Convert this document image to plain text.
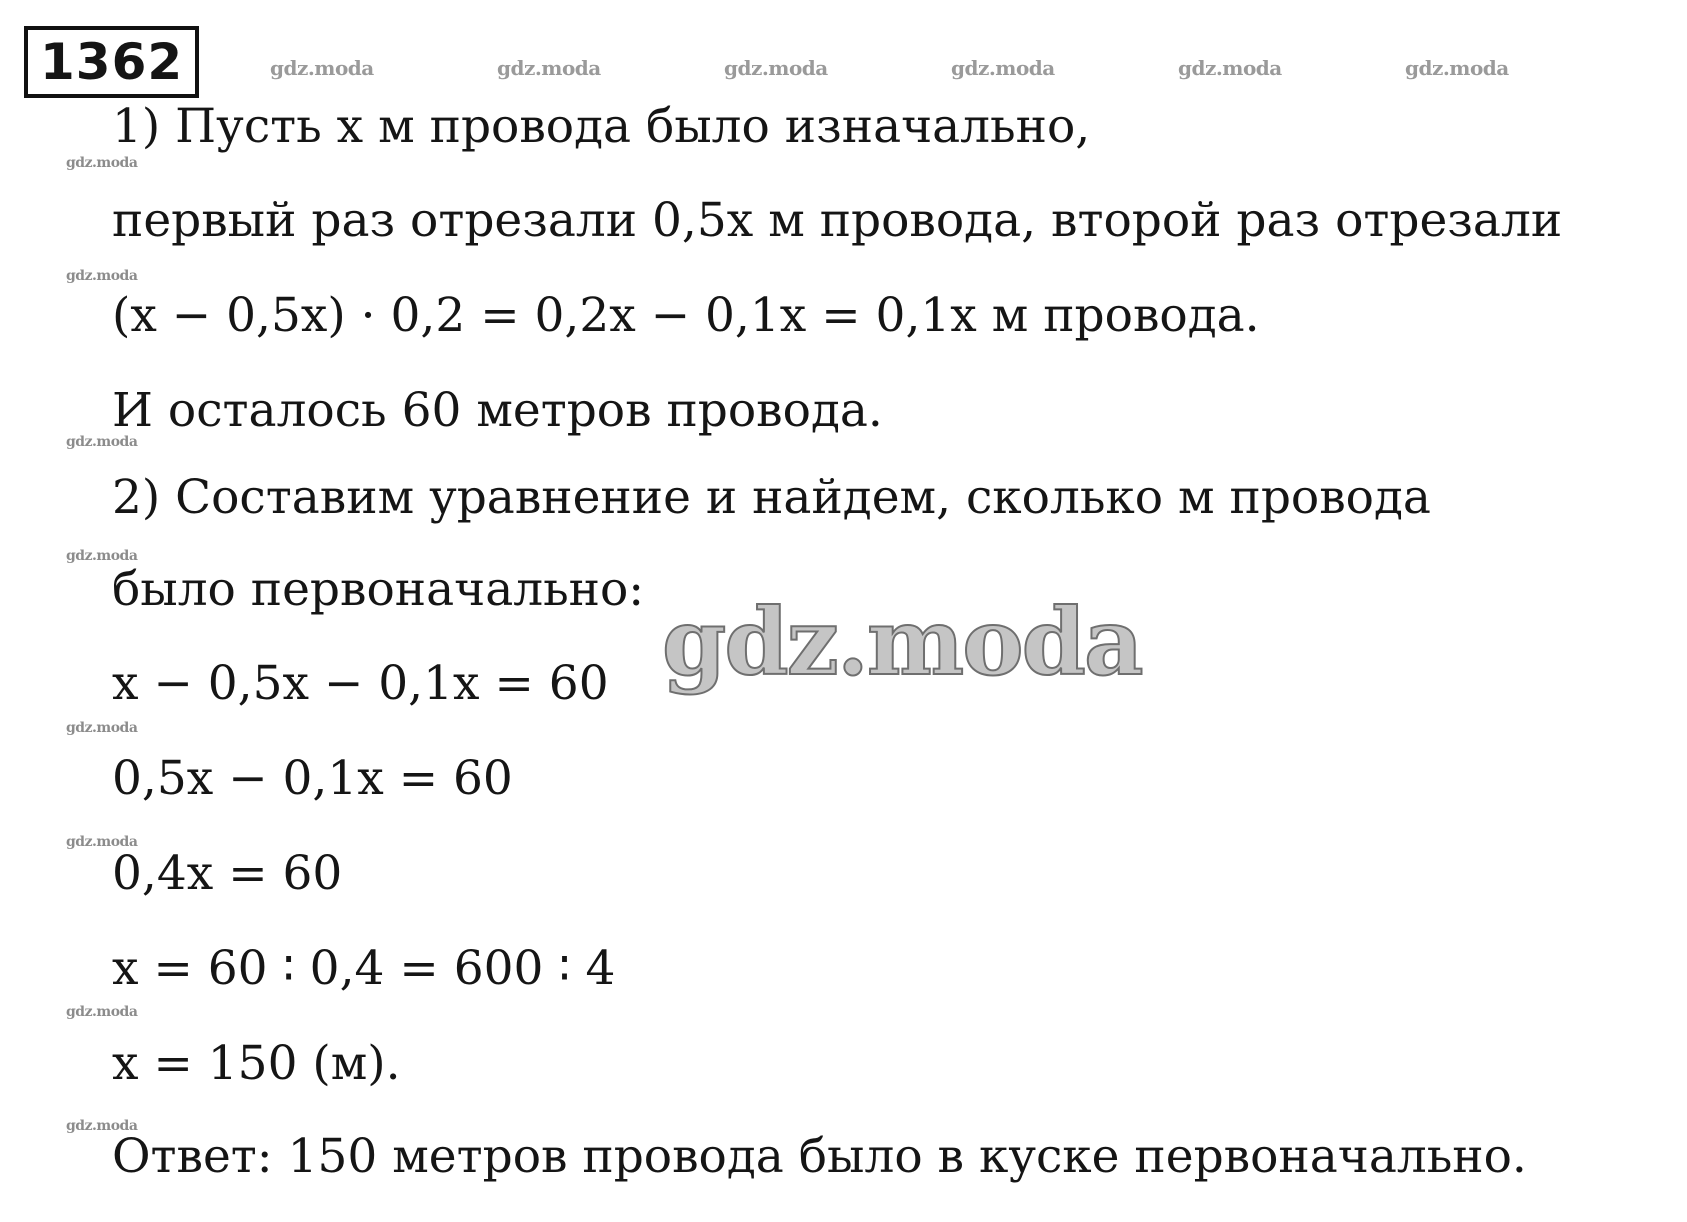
1362	gdz.moda	gdz.moda	gdz.moda	gdz.moda	gdz.moda	gdz.moda
gdz.moda
gdz.moda
gdz.moda
gdz.moda
gdz.moda
gdz.moda
gdz.moda
gdz.moda
1) Пусть x м провода было изначально,
первый раз отрезали 0,5x м провода, второй раз отрезали
(x − 0,5x) · 0,2 = 0,2x − 0,1x = 0,1x м провода.
И осталось 60 метров провода.
2) Составим уравнение и найдем, сколько м провода
было первоначально:
x − 0,5x − 0,1x = 60
0,5x − 0,1x = 60
0,4x = 60
x = 60 ∶ 0,4 = 600 ∶ 4
x = 150 (м).
Ответ: 150 метров провода было в куске первоначально.
gdz.moda
